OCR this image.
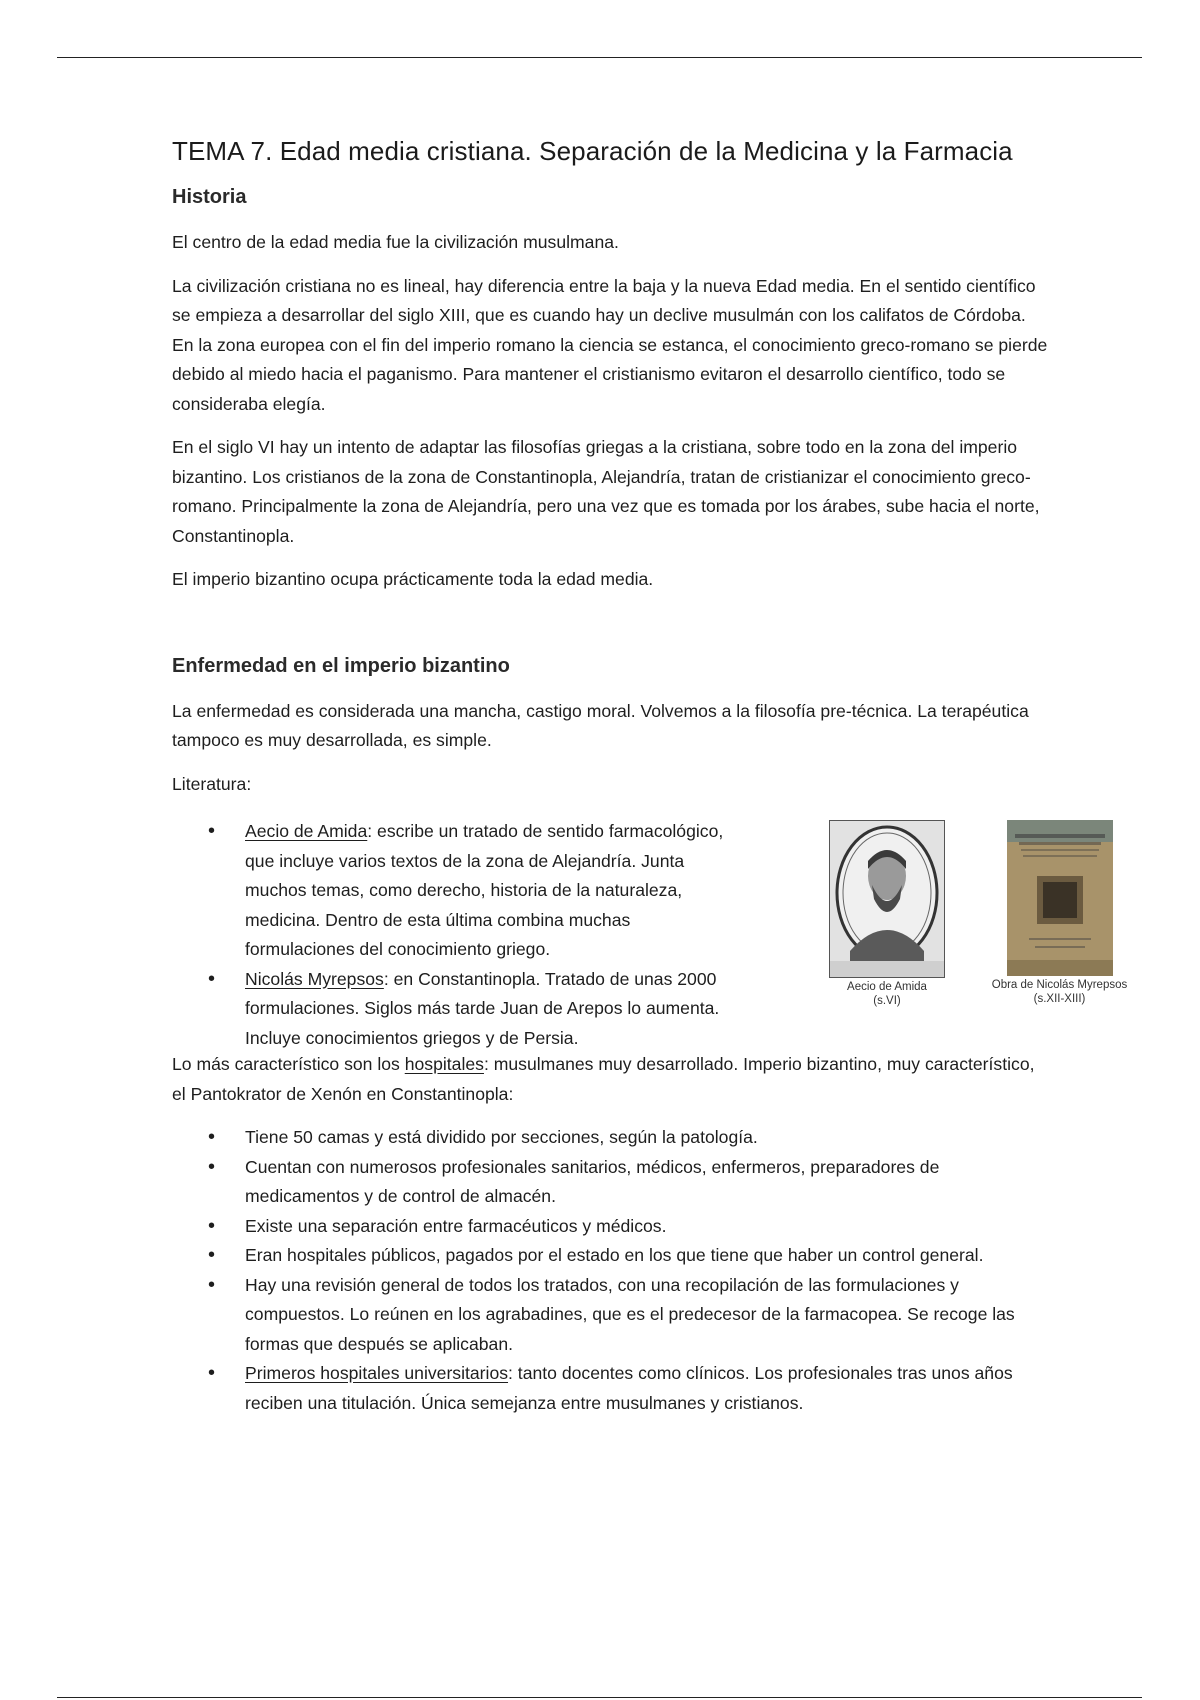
TEMA 7. Edad media cristiana. Separación de la Medicina y la Farmacia
Historia

El centro de la edad media fue la civilización musulmana.

La civilización cristiana no es lineal, hay diferencia entre la baja y la nueva Edad media. En el sentido científico se empieza a desarrollar del siglo XIII, que es cuando hay un declive musulmán con los califatos de Córdoba. En la zona europea con el fin del imperio romano la ciencia se estanca, el conocimiento greco-romano se pierde debido al miedo hacia el paganismo. Para mantener el cristianismo evitaron el desarrollo científico, todo se consideraba elegía.

En el siglo VI hay un intento de adaptar las filosofías griegas a la cristiana, sobre todo en la zona del imperio bizantino. Los cristianos de la zona de Constantinopla, Alejandría, tratan de cristianizar el conocimiento greco-romano. Principalmente la zona de Alejandría, pero una vez que es tomada por los árabes, sube hacia el norte, Constantinopla.

El imperio bizantino ocupa prácticamente toda la edad media.

Enfermedad en el imperio bizantino

La enfermedad es considerada una mancha, castigo moral. Volvemos a la filosofía pre-técnica. La terapéutica tampoco es muy desarrollada, es simple.

Literatura:

• Aecio de Amida: escribe un tratado de sentido farmacológico, que incluye varios textos de la zona de Alejandría. Junta muchos temas, como derecho, historia de la naturaleza, medicina. Dentro de esta última combina muchas formulaciones del conocimiento griego.
• Nicolás Myrepsos: en Constantinopla. Tratado de unas 2000 formulaciones. Siglos más tarde Juan de Arepos lo aumenta. Incluye conocimientos griegos y de Persia.
Aecio de Amida
(s.VI)
Obra de Nicolás Myrepsos
(s.XII-XIII)

Lo más característico son los hospitales: musulmanes muy desarrollado. Imperio bizantino, muy característico, el Pantokrator de Xenón en Constantinopla:

• Tiene 50 camas y está dividido por secciones, según la patología.
• Cuentan con numerosos profesionales sanitarios, médicos, enfermeros, preparadores de medicamentos y de control de almacén.
• Existe una separación entre farmacéuticos y médicos.
• Eran hospitales públicos, pagados por el estado en los que tiene que haber un control general.
• Hay una revisión general de todos los tratados, con una recopilación de las formulaciones y compuestos. Lo reúnen en los agrabadines, que es el predecesor de la farmacopea. Se recoge las formas que después se aplicaban.
• Primeros hospitales universitarios: tanto docentes como clínicos. Los profesionales tras unos años reciben una titulación. Única semejanza entre musulmanes y cristianos.
